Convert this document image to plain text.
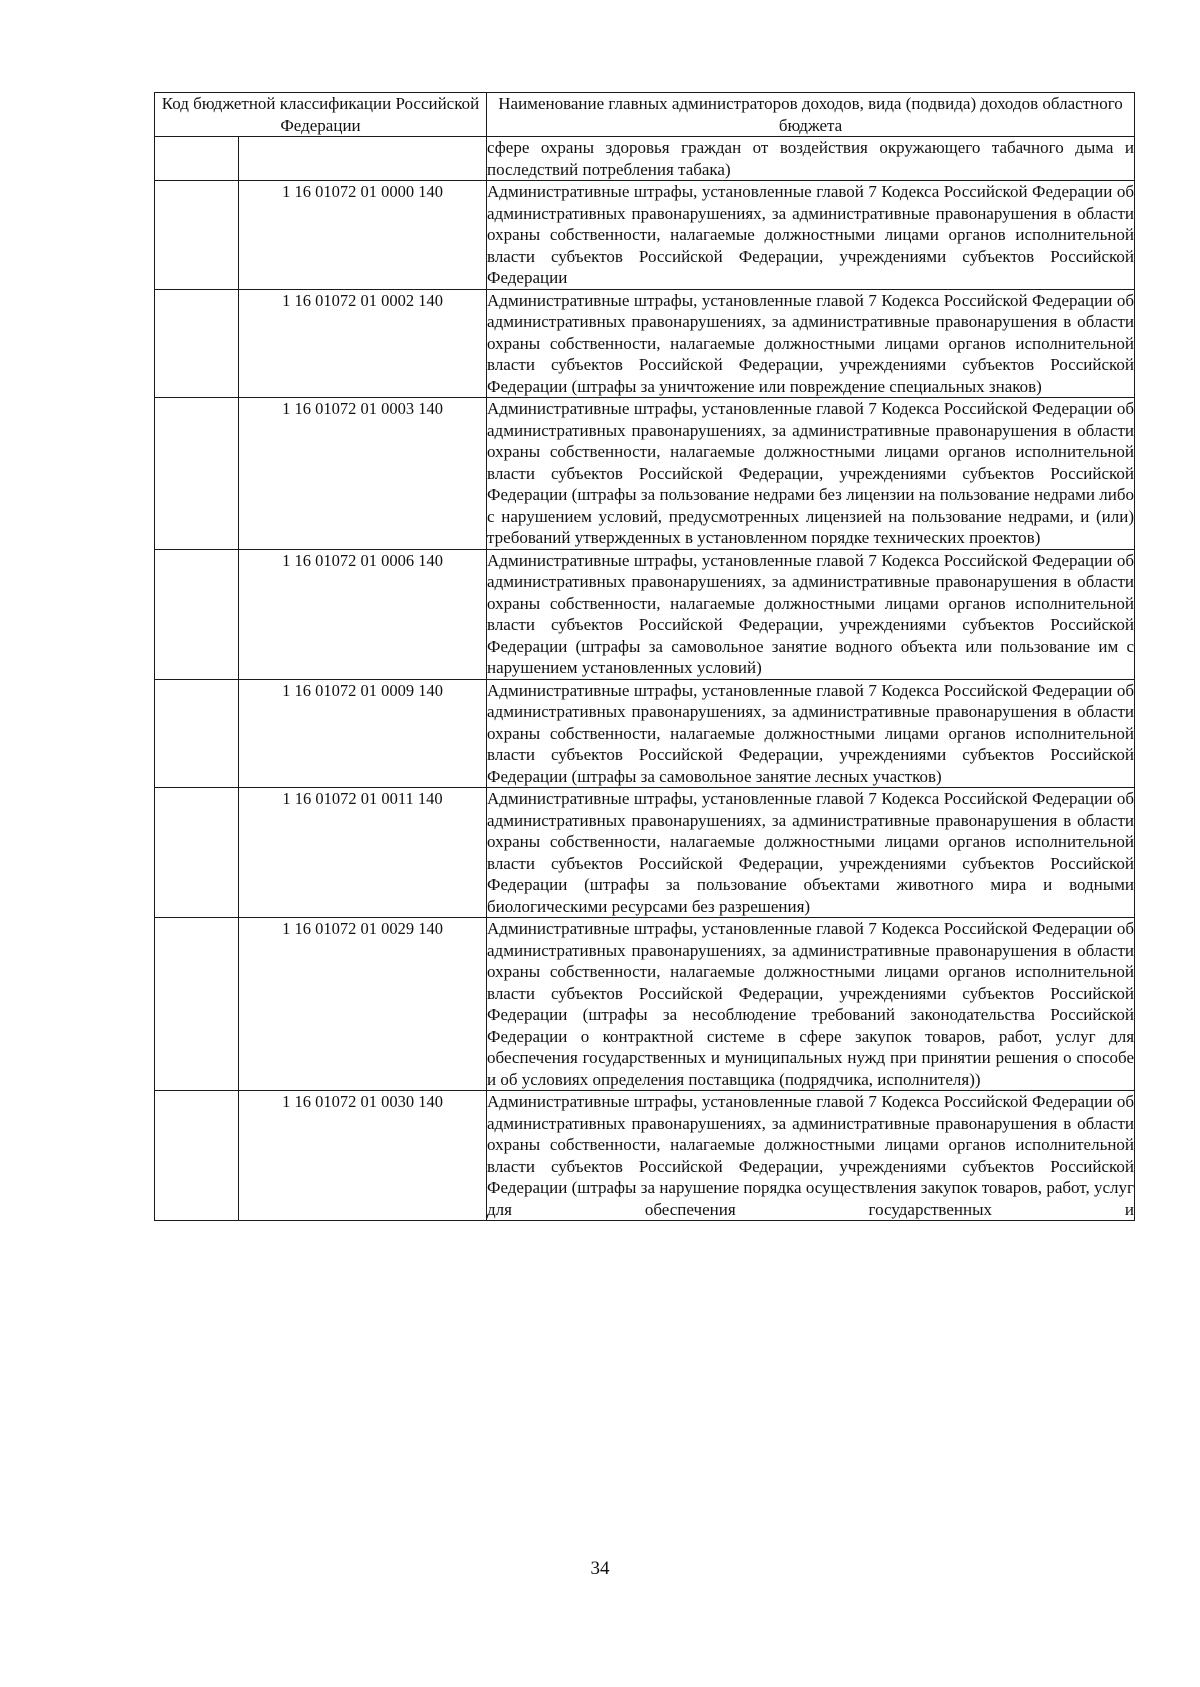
Код бюджетной классификации Российской Федерации		Наименование главных администраторов доходов, вида (подвида) доходов областного бюджета
		сфере охраны здоровья граждан от воздействия окружающего табачного дыма и последствий потребления табака)
	1 16 01072 01 0000 140	Административные штрафы, установленные главой 7 Кодекса Российской Федерации об административных правонарушениях, за административные правонарушения в области охраны собственности, налагаемые должностными лицами органов исполнительной власти субъектов Российской Федерации, учреждениями субъектов Российской Федерации
	1 16 01072 01 0002 140	Административные штрафы, установленные главой 7 Кодекса Российской Федерации об административных правонарушениях, за административные правонарушения в области охраны собственности, налагаемые должностными лицами органов исполнительной власти субъектов Российской Федерации, учреждениями субъектов Российской Федерации (штрафы за уничтожение или повреждение специальных знаков)
	1 16 01072 01 0003 140	Административные штрафы, установленные главой 7 Кодекса Российской Федерации об административных правонарушениях, за административные правонарушения в области охраны собственности, налагаемые должностными лицами органов исполнительной власти субъектов Российской Федерации, учреждениями субъектов Российской Федерации (штрафы за пользование недрами без лицензии на пользование недрами либо с нарушением условий, предусмотренных лицензией на пользование недрами, и (или) требований утвержденных в установленном порядке технических проектов)
	1 16 01072 01 0006 140	Административные штрафы, установленные главой 7 Кодекса Российской Федерации об административных правонарушениях, за административные правонарушения в области охраны собственности, налагаемые должностными лицами органов исполнительной власти субъектов Российской Федерации, учреждениями субъектов Российской Федерации (штрафы за самовольное занятие водного объекта или пользование им с нарушением установленных условий)
	1 16 01072 01 0009 140	Административные штрафы, установленные главой 7 Кодекса Российской Федерации об административных правонарушениях, за административные правонарушения в области охраны собственности, налагаемые должностными лицами органов исполнительной власти субъектов Российской Федерации, учреждениями субъектов Российской Федерации (штрафы за самовольное занятие лесных участков)
	1 16 01072 01 0011 140	Административные штрафы, установленные главой 7 Кодекса Российской Федерации об административных правонарушениях, за административные правонарушения в области охраны собственности, налагаемые должностными лицами органов исполнительной власти субъектов Российской Федерации, учреждениями субъектов Российской Федерации (штрафы за пользование объектами животного мира и водными биологическими ресурсами без разрешения)
	1 16 01072 01 0029 140	Административные штрафы, установленные главой 7 Кодекса Российской Федерации об административных правонарушениях, за административные правонарушения в области охраны собственности, налагаемые должностными лицами органов исполнительной власти субъектов Российской Федерации, учреждениями субъектов Российской Федерации (штрафы за несоблюдение требований законодательства Российской Федерации о контрактной системе в сфере закупок товаров, работ, услуг для обеспечения государственных и муниципальных нужд при принятии решения о способе и об условиях определения поставщика (подрядчика, исполнителя))
	1 16 01072 01 0030 140	Административные штрафы, установленные главой 7 Кодекса Российской Федерации об административных правонарушениях, за административные правонарушения в области охраны собственности, налагаемые должностными лицами органов исполнительной власти субъектов Российской Федерации, учреждениями субъектов Российской Федерации (штрафы за нарушение порядка осуществления закупок товаров, работ, услуг для обеспечения государственных и
34
